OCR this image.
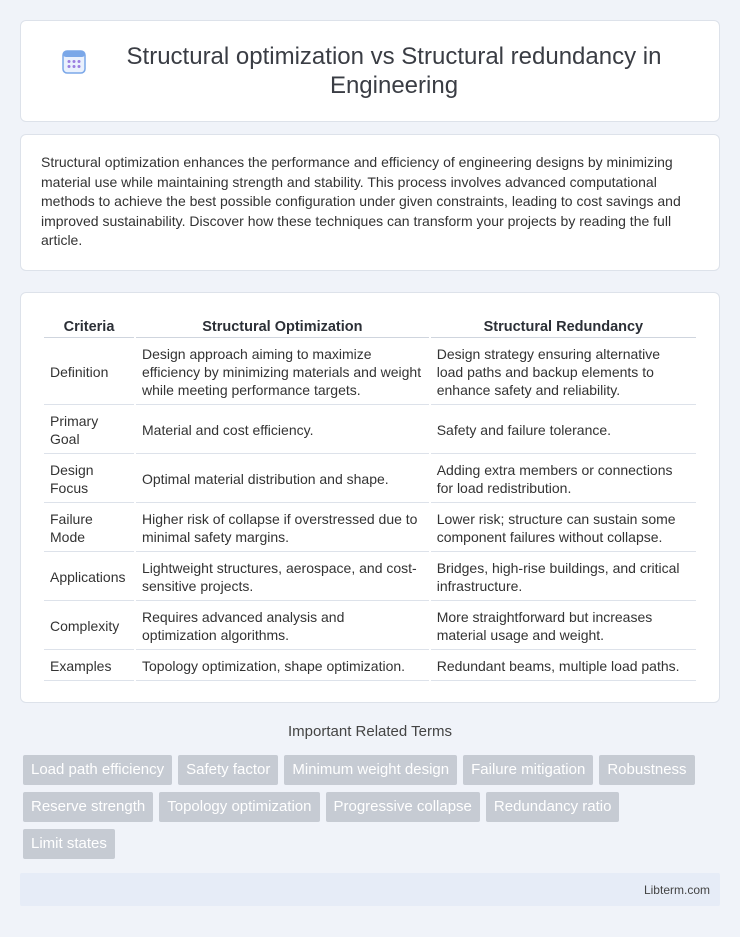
Structural optimization vs Structural redundancy in Engineering

Structural optimization enhances the performance and efficiency of engineering designs by minimizing material use while maintaining strength and stability. This process involves advanced computational methods to achieve the best possible configuration under given constraints, leading to cost savings and improved sustainability. Discover how these techniques can transform your projects by reading the full article.

Criteria	Structural Optimization	Structural Redundancy
Definition	Design approach aiming to maximize efficiency by minimizing materials and weight while meeting performance targets.	Design strategy ensuring alternative load paths and backup elements to enhance safety and reliability.
Primary Goal	Material and cost efficiency.	Safety and failure tolerance.
Design Focus	Optimal material distribution and shape.	Adding extra members or connections for load redistribution.
Failure Mode	Higher risk of collapse if overstressed due to minimal safety margins.	Lower risk; structure can sustain some component failures without collapse.
Applications	Lightweight structures, aerospace, and cost-sensitive projects.	Bridges, high-rise buildings, and critical infrastructure.
Complexity	Requires advanced analysis and optimization algorithms.	More straightforward but increases material usage and weight.
Examples	Topology optimization, shape optimization.	Redundant beams, multiple load paths.
Important Related Terms
Load path efficiency	Safety factor	Minimum weight design	Failure mitigation	Robustness
Reserve strength	Topology optimization	Progressive collapse	Redundancy ratio
Limit states
Libterm.com
